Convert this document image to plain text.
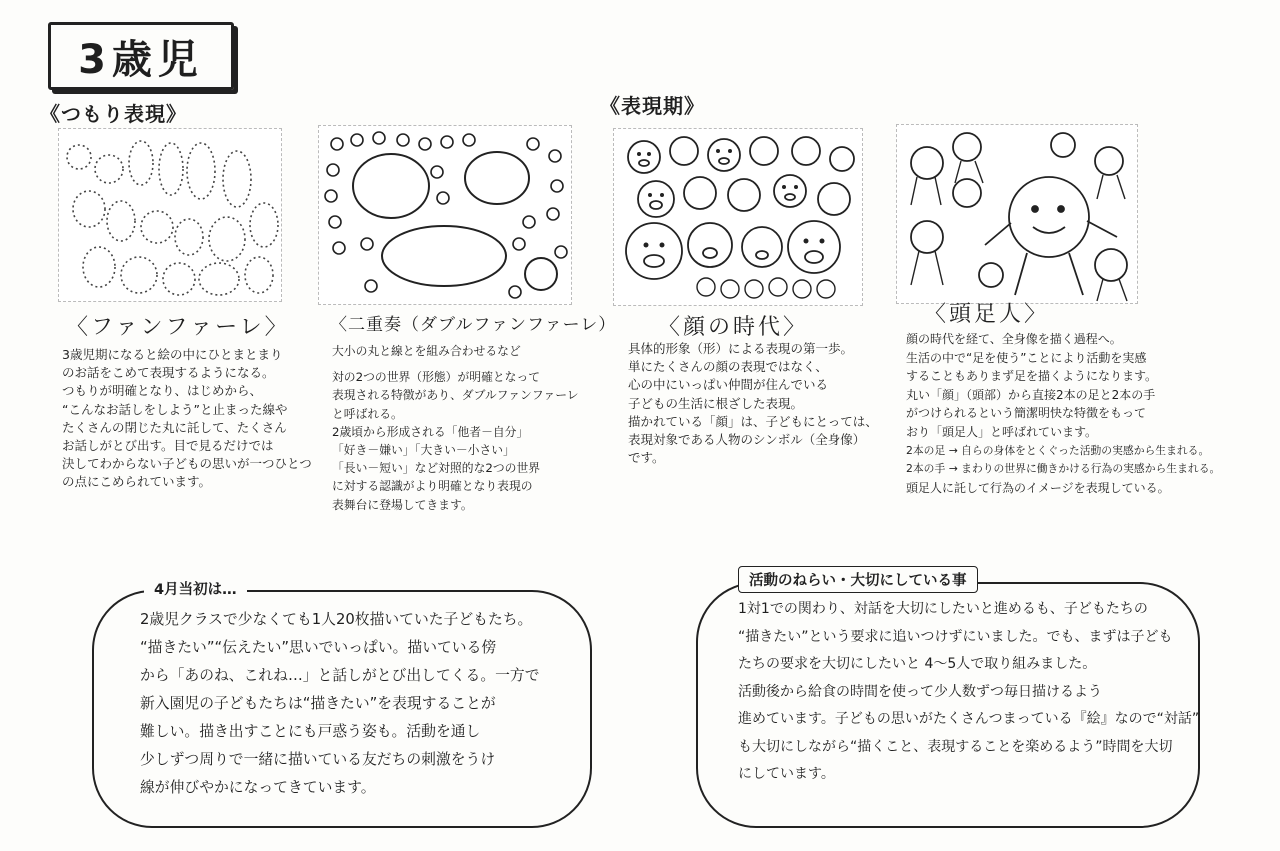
3歳児
《つもり表現》	《表現期》
〈ファンファーレ〉 〈二重奏（ダブルファンファーレ） 〈顔の時代〉
〈頭足人〉
3歳児期になると絵の中にひとまとまり
のお話をこめて表現するようになる。
つもりが明確となり、はじめから、
“こんなお話しをしよう”と止まった線や
たくさんの閉じた丸に託して、たくさん
お話しがとび出す。目で見るだけでは
決してわからない子どもの思いが一つひとつ
の点にこめられています。
大小の丸と線とを組み合わせるなど
対の2つの世界（形態）が明確となって
表現される特徴があり、ダブルファンファーレ
と呼ばれる。
2歳頃から形成される「他者－自分」
「好き－嫌い」「大きい－小さい」
「長い－短い」など対照的な2つの世界
に対する認識がより明確となり表現の
表舞台に登場してきます。
具体的形象（形）による表現の第一歩。
単にたくさんの顔の表現ではなく、
心の中にいっぱい仲間が住んでいる
子どもの生活に根ざした表現。
描かれている「顔」は、子どもにとっては、
表現対象である人物のシンボル（全身像）
です。
顔の時代を経て、全身像を描く過程へ。
生活の中で“足を使う”ことにより活動を実感
することもありまず足を描くようになります。
丸い「顔」（頭部）から直接2本の足と2本の手
がつけられるという簡潔明快な特徴をもって
おり「頭足人」と呼ばれています。
2本の足 → 自らの身体をとくぐった活動の実感から生まれる。
2本の手 → まわりの世界に働きかける行為の実感から生まれる。
頭足人に託して行為のイメージを表現している。
4月当初は…
2歳児クラスで少なくても1人20枚描いていた子どもたち。
“描きたい”“伝えたい”思いでいっぱい。描いている傍
から「あのね、これね…」と話しがとび出してくる。一方で
新入園児の子どもたちは“描きたい”を表現することが
難しい。描き出すことにも戸惑う姿も。活動を通し
少しずつ周りで一緒に描いている友だちの刺激をうけ
線が伸びやかになってきています。
活動のねらい・大切にしている事
1対1での関わり、対話を大切にしたいと進めるも、子どもたちの
“描きたい”という要求に追いつけずにいました。でも、まずは子ども
たちの要求を大切にしたいと 4〜5人で取り組みました。
活動後から給食の時間を使って少人数ずつ毎日描けるよう
進めています。子どもの思いがたくさんつまっている『絵』なので“対話”
も大切にしながら“描くこと、表現することを楽めるよう”時間を大切
にしています。
